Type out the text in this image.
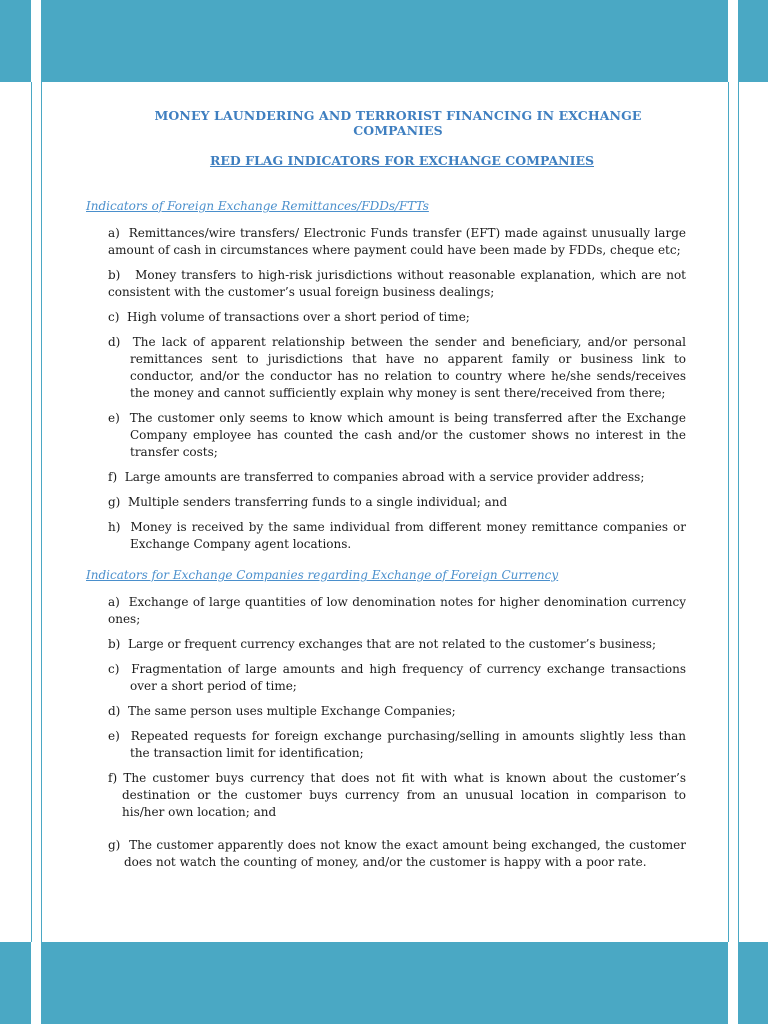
MONEY LAUNDERING AND TERRORIST FINANCING IN EXCHANGE COMPANIES
RED FLAG INDICATORS FOR EXCHANGE COMPANIES
Indicators of Foreign Exchange Remittances/FDDs/FTTs
a) Remittances/wire transfers/ Electronic Funds transfer (EFT) made against unusually large amount of cash in circumstances where payment could have been made by FDDs, cheque etc;
b) Money transfers to high-risk jurisdictions without reasonable explanation, which are not consistent with the customer’s usual foreign business dealings;
c) High volume of transactions over a short period of time;
d) The lack of apparent relationship between the sender and beneficiary, and/or personal remittances sent to jurisdictions that have no apparent family or business link to conductor, and/or the conductor has no relation to country where he/she sends/receives the money and cannot sufficiently explain why money is sent there/received from there;
e) The customer only seems to know which amount is being transferred after the Exchange Company employee has counted the cash and/or the customer shows no interest in the transfer costs;
f) Large amounts are transferred to companies abroad with a service provider address;
g) Multiple senders transferring funds to a single individual; and
h) Money is received by the same individual from different money remittance companies or Exchange Company agent locations.
Indicators for Exchange Companies regarding Exchange of Foreign Currency
a) Exchange of large quantities of low denomination notes for higher denomination currency ones;
b) Large or frequent currency exchanges that are not related to the customer’s business;
c) Fragmentation of large amounts and high frequency of currency exchange transactions over a short period of time;
d) The same person uses multiple Exchange Companies;
e) Repeated requests for foreign exchange purchasing/selling in amounts slightly less than the transaction limit for identification;
f) The customer buys currency that does not fit with what is known about the customer’s destination or the customer buys currency from an unusual location in comparison to his/her own location; and
g) The customer apparently does not know the exact amount being exchanged, the customer does not watch the counting of money, and/or the customer is happy with a poor rate.
